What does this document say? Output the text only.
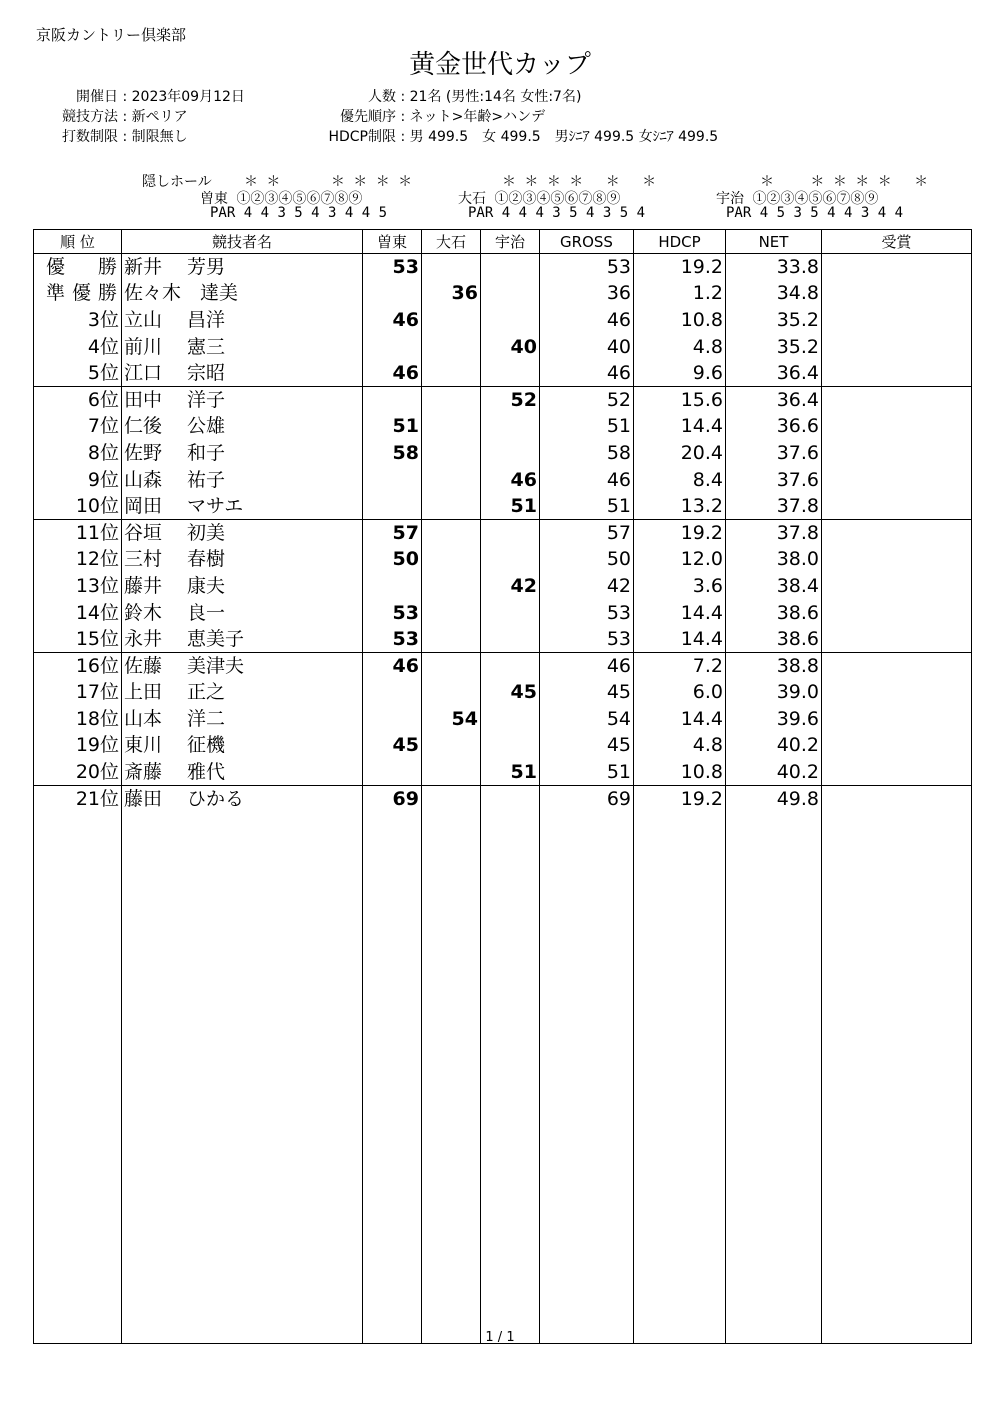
京阪カントリー倶楽部
黄金世代カップ
開催日 : 2023年09月12日
競技方法 : 新ペリア
打数制限 : 制限無し
人数 : 21名 (男性:14名 女性:7名)
優先順序 : ネット>年齢>ハンデ
HDCP制限 : 男 499.5　女 499.5　男ｼﾆｱ 499.5 女ｼﾆｱ 499.5
隠しホール ＊ ＊　　　 ＊ ＊ ＊ ＊
曽東 ①②③④⑤⑥⑦⑧⑨
PAR 4 4 3 5 4 3 4 4 5
＊ ＊ ＊ ＊　 ＊　 ＊
大石 ①②③④⑤⑥⑦⑧⑨
PAR 4 4 4 3 5 4 3 5 4
＊　　 ＊ ＊ ＊ ＊　 ＊
宇治 ①②③④⑤⑥⑦⑧⑨
PAR 4 5 3 5 4 4 3 4 4
順 位	競技者名	曽東	大石	宇治	GROSS	HDCP	NET	受賞
優　勝	新井　 芳男	53			53	19.2	33.8	
準優勝	佐々木　達美		36		36	1.2	34.8	
3位	立山　 昌洋	46			46	10.8	35.2	
4位	前川　 憲三			40	40	4.8	35.2	
5位	江口　 宗昭	46			46	9.6	36.4	
6位	田中　 洋子			52	52	15.6	36.4	
7位	仁後　 公雄	51			51	14.4	36.6	
8位	佐野　 和子	58			58	20.4	37.6	
9位	山森　 祐子			46	46	8.4	37.6	
10位	岡田　 マサエ			51	51	13.2	37.8	
11位	谷垣　 初美	57			57	19.2	37.8	
12位	三村　 春樹	50			50	12.0	38.0	
13位	藤井　 康夫			42	42	3.6	38.4	
14位	鈴木　 良一	53			53	14.4	38.6	
15位	永井　 恵美子	53			53	14.4	38.6	
16位	佐藤　 美津夫	46			46	7.2	38.8	
17位	上田　 正之			45	45	6.0	39.0	
18位	山本　 洋二		54		54	14.4	39.6	
19位	東川　 征機	45			45	4.8	40.2	
20位	斎藤　 雅代			51	51	10.8	40.2	
21位	藤田　 ひかる	69			69	19.2	49.8	

1 / 1
